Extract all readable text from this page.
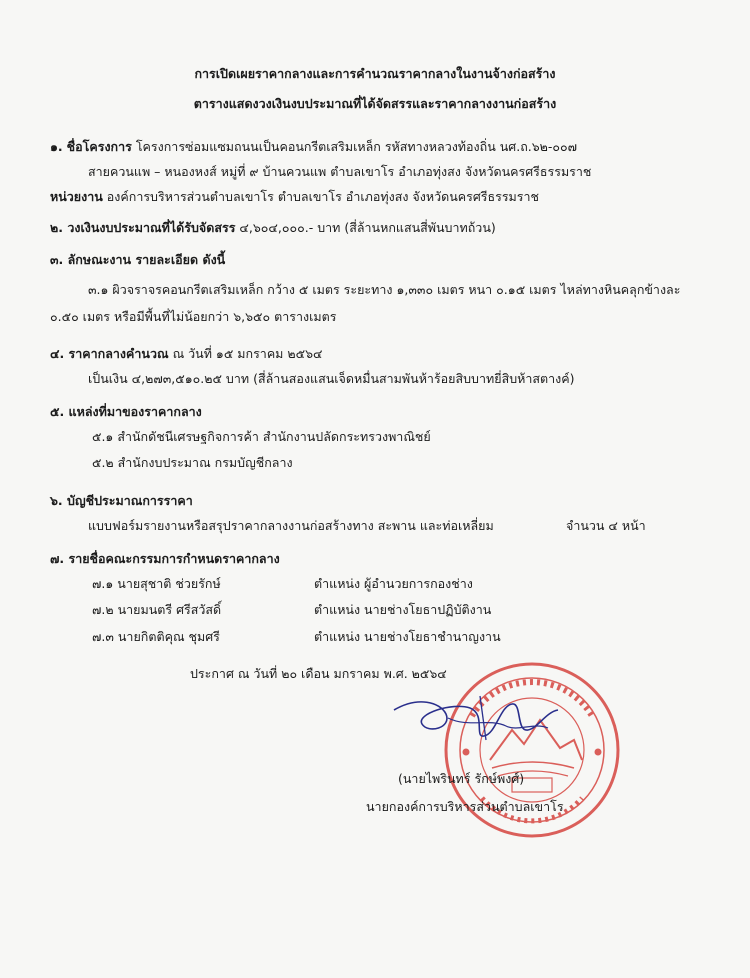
การเปิดเผยราคากลางและการคำนวณราคากลางในงานจ้างก่อสร้าง
ตารางแสดงวงเงินงบประมาณที่ได้จัดสรรและราคากลางงานก่อสร้าง
๑. ชื่อโครงการ โครงการซ่อมแซมถนนเป็นคอนกรีตเสริมเหล็ก รหัสทางหลวงท้องถิ่น นศ.ถ.๖๒-๐๐๗
สายควนแพ – หนองหงส์ หมู่ที่ ๙ บ้านควนแพ ตำบลเขาโร อำเภอทุ่งสง จังหวัดนครศรีธรรมราช
หน่วยงาน องค์การบริหารส่วนตำบลเขาโร ตำบลเขาโร อำเภอทุ่งสง จังหวัดนครศรีธรรมราช
๒. วงเงินงบประมาณที่ได้รับจัดสรร ๔,๖๐๔,๐๐๐.- บาท (สี่ล้านหกแสนสี่พันบาทถ้วน)
๓. ลักษณะงาน รายละเอียด ดังนี้
๓.๑ ผิวจราจรคอนกรีตเสริมเหล็ก กว้าง ๕ เมตร ระยะทาง ๑,๓๓๐ เมตร หนา ๐.๑๕ เมตร ไหล่ทางหินคลุกข้างละ
๐.๕๐ เมตร หรือมีพื้นที่ไม่น้อยกว่า ๖,๖๕๐ ตารางเมตร
๔. ราคากลางคำนวณ ณ วันที่ ๑๕ มกราคม ๒๕๖๔
เป็นเงิน ๔,๒๗๓,๕๑๐.๒๕ บาท (สี่ล้านสองแสนเจ็ดหมื่นสามพันห้าร้อยสิบบาทยี่สิบห้าสตางค์)
๕. แหล่งที่มาของราคากลาง
๕.๑ สำนักดัชนีเศรษฐกิจการค้า สำนักงานปลัดกระทรวงพาณิชย์
๕.๒ สำนักงบประมาณ กรมบัญชีกลาง
๖. บัญชีประมาณการราคา
แบบฟอร์มรายงานหรือสรุปราคากลางงานก่อสร้างทาง สะพาน และท่อเหลี่ยม	จำนวน ๔ หน้า
๗. รายชื่อคณะกรรมการกำหนดราคากลาง
๗.๑ นายสุชาติ ช่วยรักษ์	ตำแหน่ง ผู้อำนวยการกองช่าง
๗.๒ นายมนตรี ศรีสวัสดิ์	ตำแหน่ง นายช่างโยธาปฏิบัติงาน
๗.๓ นายกิตติคุณ ชุมศรี	ตำแหน่ง นายช่างโยธาชำนาญงาน
ประกาศ ณ วันที่ ๒๐ เดือน มกราคม พ.ศ. ๒๕๖๔
(นายไพรินทร์ รักษ์พงศ์)
นายกองค์การบริหารส่วนตำบลเขาโร
